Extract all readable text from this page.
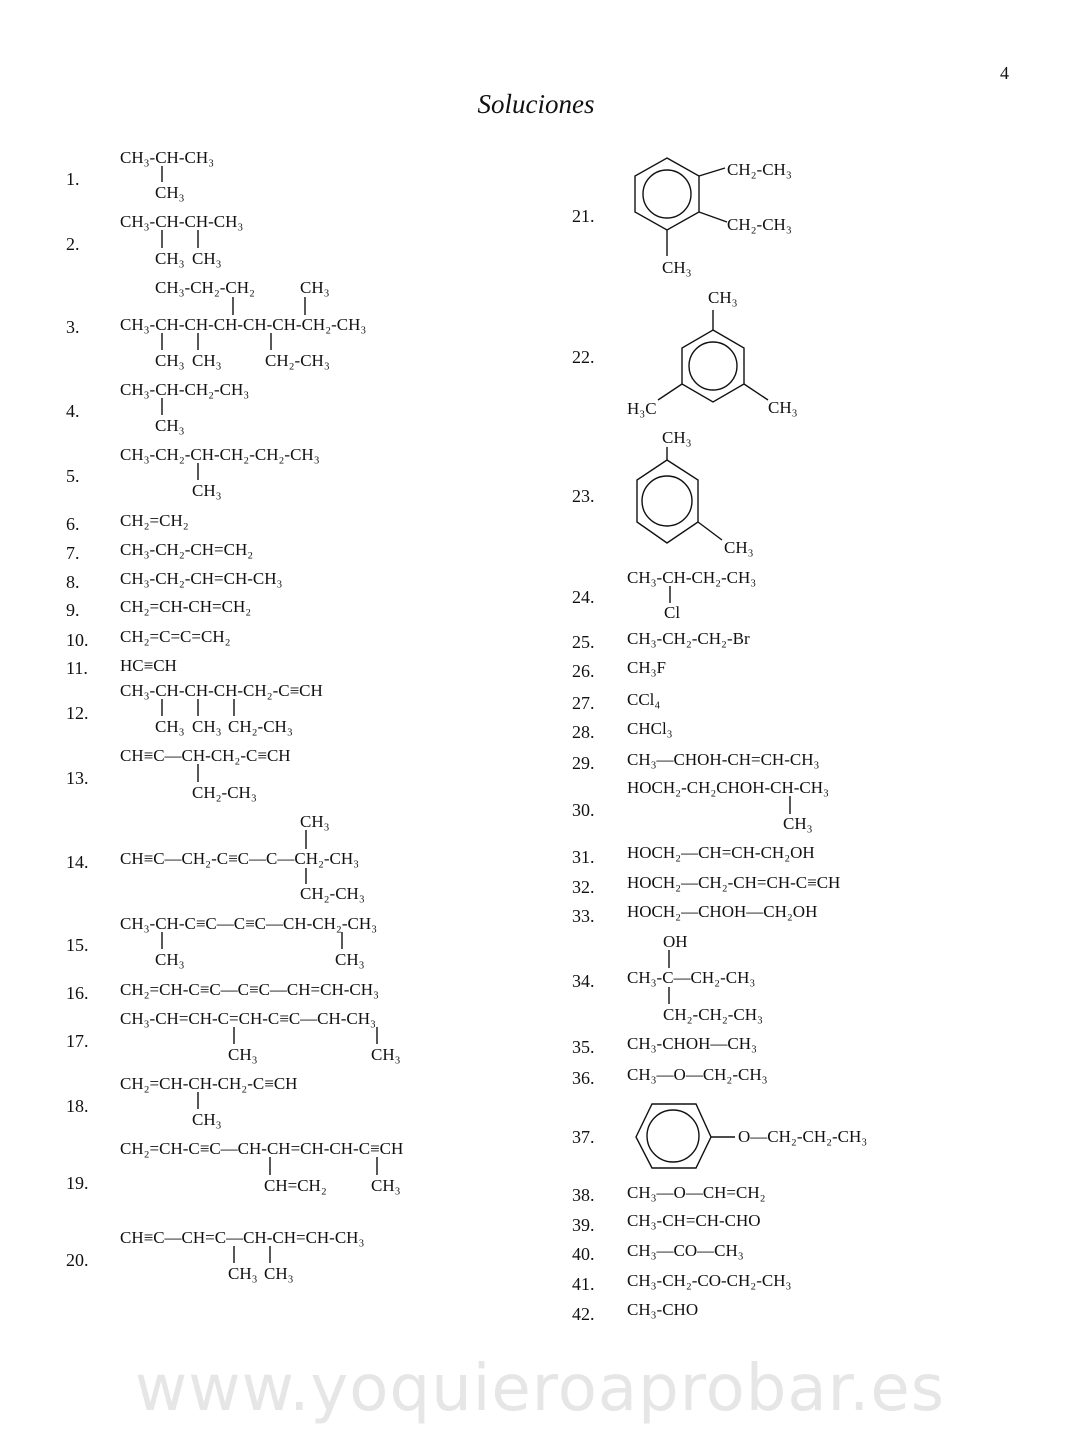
4
Soluciones
1.
CH₃-CH-CH₃
CH₃
2.
CH₃-CH-CH-CH₃
CH₃ CH₃
3.
CH₃-CH₂-CH₂	CH₃
CH₃-CH-CH-CH-CH-CH-CH₂-CH₃
CH₃ CH₃	CH₂-CH₃
4.
CH₃-CH-CH₂-CH₃
CH₃
5.
CH₃-CH₂-CH-CH₂-CH₂-CH₃
CH₃
6. CH₂=CH₂
7. CH₃-CH₂-CH=CH₂
8. CH₃-CH₂-CH=CH-CH₃
9. CH₂=CH-CH=CH₂
10. CH₂=C=C=CH₂
11. HC≡CH
12.
CH₃-CH-CH-CH-CH₂-C≡CH
CH₃ CH₃ CH₂-CH₃
13.
CH≡C—CH-CH₂-C≡CH
CH₂-CH₃
14.
CH₃
CH≡C—CH₂-C≡C—C—CH₂-CH₃
CH₂-CH₃
15.
CH₃-CH-C≡C—C≡C—CH-CH₂-CH₃
CH₃	CH₃
16. CH₂=CH-C≡C—C≡C—CH=CH-CH₃
17.
CH₃-CH=CH-C=CH-C≡C—CH-CH₃
CH₃	CH₃
18.
CH₂=CH-CH-CH₂-C≡CH
CH₃
19.
CH₂=CH-C≡C—CH-CH=CH-CH-C≡CH
CH=CH₂	CH₃
20.
CH≡C—CH=C—CH-CH=CH-CH₃
CH₃ CH₃
21.
CH₂-CH₃
CH₂-CH₃
CH₃
22.
CH₃
H₃C	CH₃
23.
CH₃
CH₃
24.
CH₃-CH-CH₂-CH₃
Cl
25. CH₃-CH₂-CH₂-Br
26. CH₃F
27. CCl₄
28. CHCl₃
29. CH₃—CHOH-CH=CH-CH₃
30.
HOCH₂-CH₂CHOH-CH-CH₃
CH₃
31. HOCH₂—CH=CH-CH₂OH
32. HOCH₂—CH₂-CH=CH-C≡CH
33. HOCH₂—CHOH—CH₂OH
34.
OH
CH₃-C—CH₂-CH₃
CH₂-CH₂-CH₃
35. CH₃-CHOH—CH₃
36. CH₃—O—CH₂-CH₃
37.	O—CH₂-CH₂-CH₃
38. CH₃—O—CH=CH₂
39. CH₃-CH=CH-CHO
40. CH₃—CO—CH₃
41. CH₃-CH₂-CO-CH₂-CH₃
42. CH₃-CHO
www.yoquieroaprobar.es
